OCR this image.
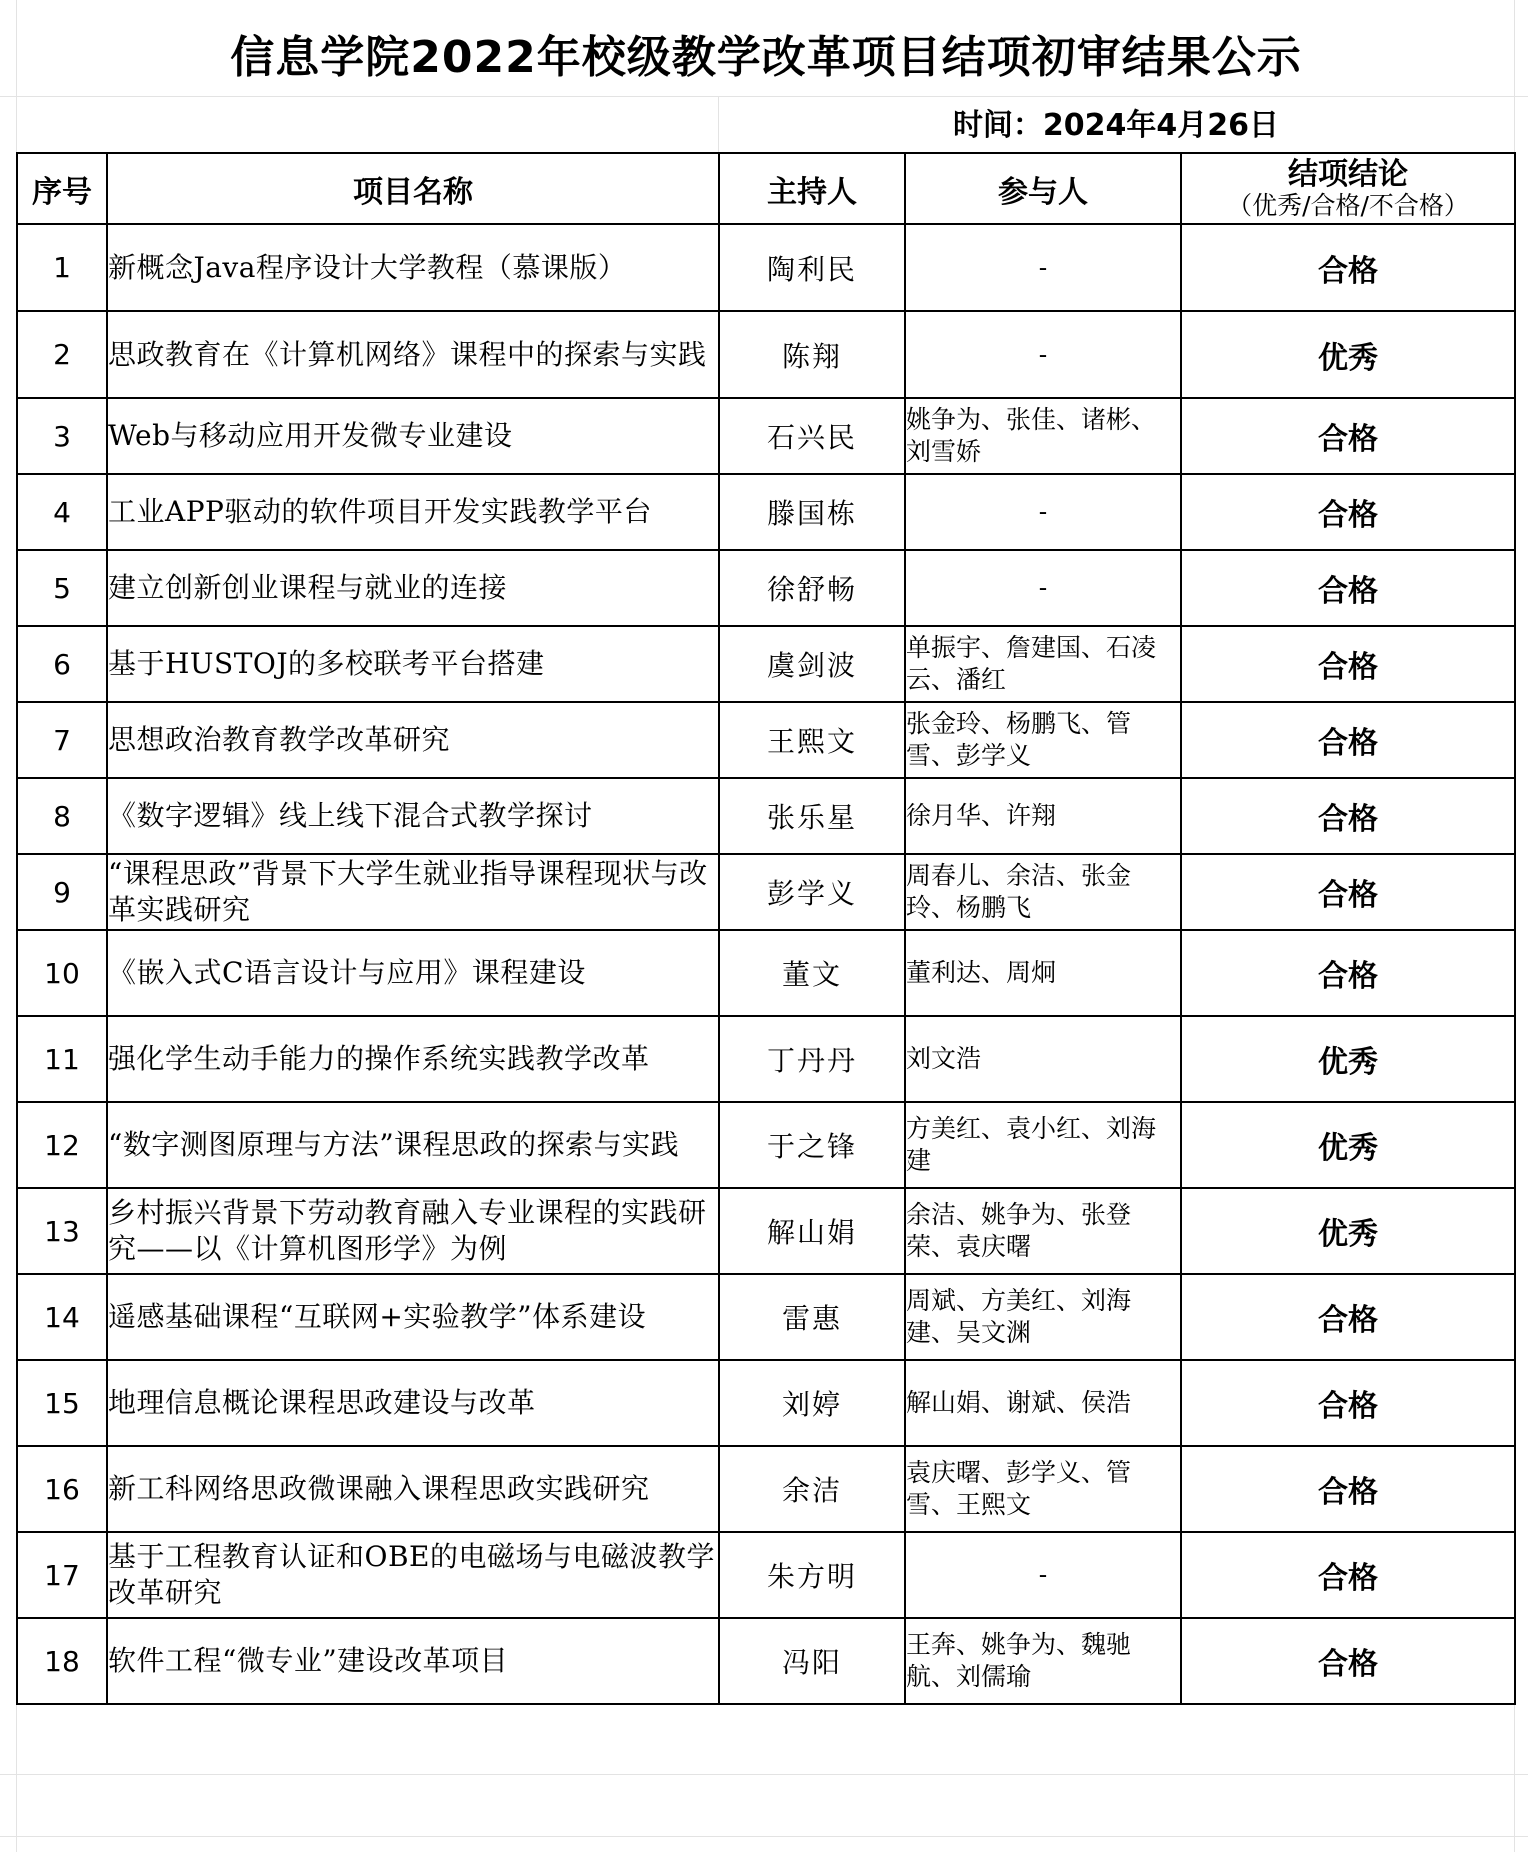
信息学院2022年校级教学改革项目结项初审结果公示
时间：2024年4月26日
序号	项目名称	主持人	参与人	结项结论
（优秀/合格/不合格）

1	新概念Java程序设计大学教程（慕课版）	陶利民	-	合格
2	思政教育在《计算机网络》课程中的探索与实践	陈翔	-	优秀
3	Web与移动应用开发微专业建设	石兴民	姚争为、张佳、诸彬、刘雪娇	合格
4	工业APP驱动的软件项目开发实践教学平台	滕国栋	-	合格
5	建立创新创业课程与就业的连接	徐舒畅	-	合格
6	基于HUSTOJ的多校联考平台搭建	虞剑波	单振宇、詹建国、石凌云、潘红	合格
7	思想政治教育教学改革研究	王熙文	张金玲、杨鹏飞、管雪、彭学义	合格
8	《数字逻辑》线上线下混合式教学探讨	张乐星	徐月华、许翔	合格
9	“课程思政”背景下大学生就业指导课程现状与改革实践研究	彭学义	周春儿、余洁、张金玲、杨鹏飞	合格
10	《嵌入式C语言设计与应用》课程建设	董文	董利达、周炯	合格
11	强化学生动手能力的操作系统实践教学改革	丁丹丹	刘文浩	优秀
12	“数字测图原理与方法”课程思政的探索与实践	于之锋	方美红、袁小红、刘海建	优秀
13	乡村振兴背景下劳动教育融入专业课程的实践研究——以《计算机图形学》为例	解山娟	余洁、姚争为、张登荣、袁庆曙	优秀
14	遥感基础课程“互联网+实验教学”体系建设	雷惠	周斌、方美红、刘海建、吴文渊	合格
15	地理信息概论课程思政建设与改革	刘婷	解山娟、谢斌、侯浩	合格
16	新工科网络思政微课融入课程思政实践研究	余洁	袁庆曙、彭学义、管雪、王熙文	合格
17	基于工程教育认证和OBE的电磁场与电磁波教学改革研究	朱方明	-	合格
18	软件工程“微专业”建设改革项目	冯阳	王奔、姚争为、魏驰航、刘儒瑜	合格
